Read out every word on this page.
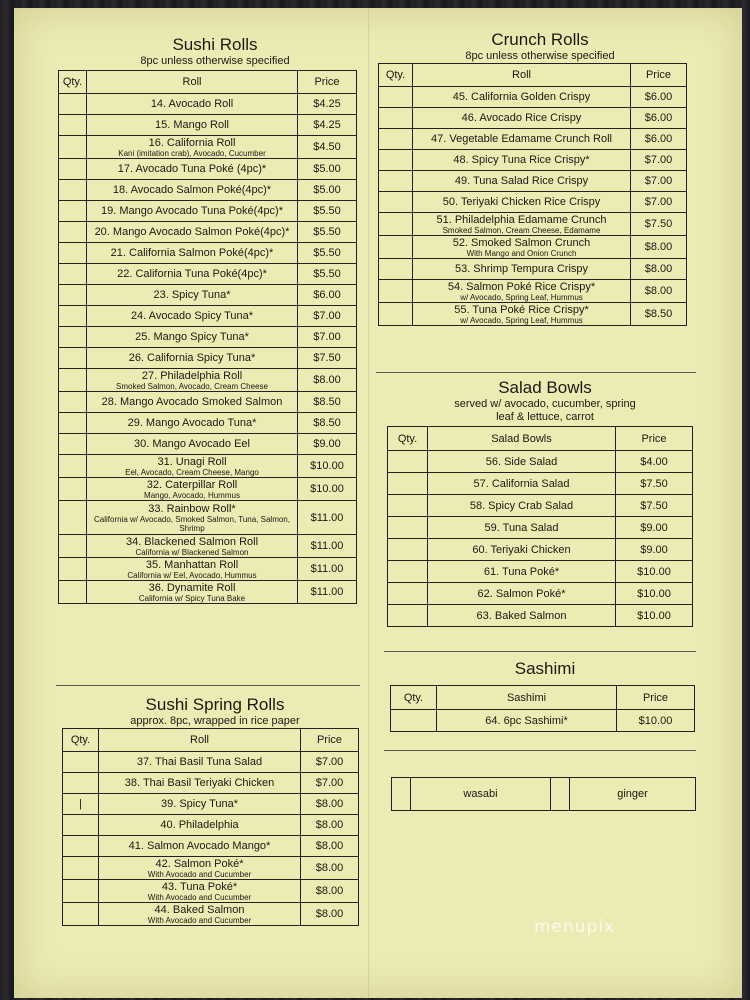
Sushi Rolls
8pc unless otherwise specified
Qty.	Roll	Price

	14. Avocado Roll	$4.25

	15. Mango Roll	$4.25

	16. California Roll
Kani (imitation crab), Avocado, Cucumber	$4.50

	17. Avocado Tuna Poké (4pc)*	$5.00

	18. Avocado Salmon Poké(4pc)*	$5.00

	19. Mango Avocado Tuna Poké(4pc)*	$5.50

	20. Mango Avocado Salmon Poké(4pc)*	$5.50

	21. California Salmon Poké(4pc)*	$5.50

	22. California Tuna Poké(4pc)*	$5.50

	23. Spicy Tuna*	$6.00

	24. Avocado Spicy Tuna*	$7.00

	25. Mango Spicy Tuna*	$7.00

	26. California Spicy Tuna*	$7.50

	27. Philadelphia Roll
Smoked Salmon, Avocado, Cream Cheese	$8.00

	28. Mango Avocado Smoked Salmon	$8.50

	29. Mango Avocado Tuna*	$8.50

	30. Mango Avocado Eel	$9.00

	31. Unagi Roll
Eel, Avocado, Cream Cheese, Mango	$10.00

	32. Caterpillar Roll
Mango, Avocado, Hummus	$10.00

	33. Rainbow Roll*
California w/ Avocado, Smoked Salmon, Tuna, Salmon, Shrimp	$11.00

	34. Blackened Salmon Roll
California w/ Blackened Salmon	$11.00

	35. Manhattan Roll
California w/ Eel, Avocado, Hummus	$11.00

	36. Dynamite Roll
California w/ Spicy Tuna Bake	$11.00
Sushi Spring Rolls
approx. 8pc, wrapped in rice paper
Qty.	Roll	Price

	37. Thai Basil Tuna Salad	$7.00

	38. Thai Basil Teriyaki Chicken	$7.00
|	39. Spicy Tuna*	$8.00

	40. Philadelphia	$8.00

	41. Salmon Avocado Mango*	$8.00

	42. Salmon Poké*
With Avocado and Cucumber	$8.00

	43. Tuna Poké*
With Avocado and Cucumber	$8.00

	44. Baked Salmon
With Avocado and Cucumber	$8.00
Crunch Rolls
8pc unless otherwise specified
Qty.	Roll	Price

	45. California Golden Crispy	$6.00

	46. Avocado Rice Crispy	$6.00

	47. Vegetable Edamame Crunch Roll	$6.00

	48. Spicy Tuna Rice Crispy*	$7.00

	49. Tuna Salad Rice Crispy	$7.00

	50. Teriyaki Chicken Rice Crispy	$7.00

	51. Philadelphia Edamame Crunch
Smoked Salmon, Cream Cheese, Edamame	$7.50

	52. Smoked Salmon Crunch
With Mango and Onion Crunch	$8.00

	53. Shrimp Tempura Crispy	$8.00

	54. Salmon Poké Rice Crispy*
w/ Avocado, Spring Leaf, Hummus	$8.00

	55. Tuna Poké Rice Crispy*
w/ Avocado, Spring Leaf, Hummus	$8.50
Salad Bowls
served w/ avocado, cucumber, spring
leaf & lettuce, carrot
Qty.	Salad Bowls	Price

	56. Side Salad	$4.00

	57. California Salad	$7.50

	58. Spicy Crab Salad	$7.50

	59. Tuna Salad	$9.00

	60. Teriyaki Chicken	$9.00

	61. Tuna Poké*	$10.00

	62. Salmon Poké*	$10.00

	63. Baked Salmon	$10.00
Sashimi
Qty.	Sashimi	Price

	64. 6pc Sashimi*	$10.00
	wasabi		ginger
menupix
